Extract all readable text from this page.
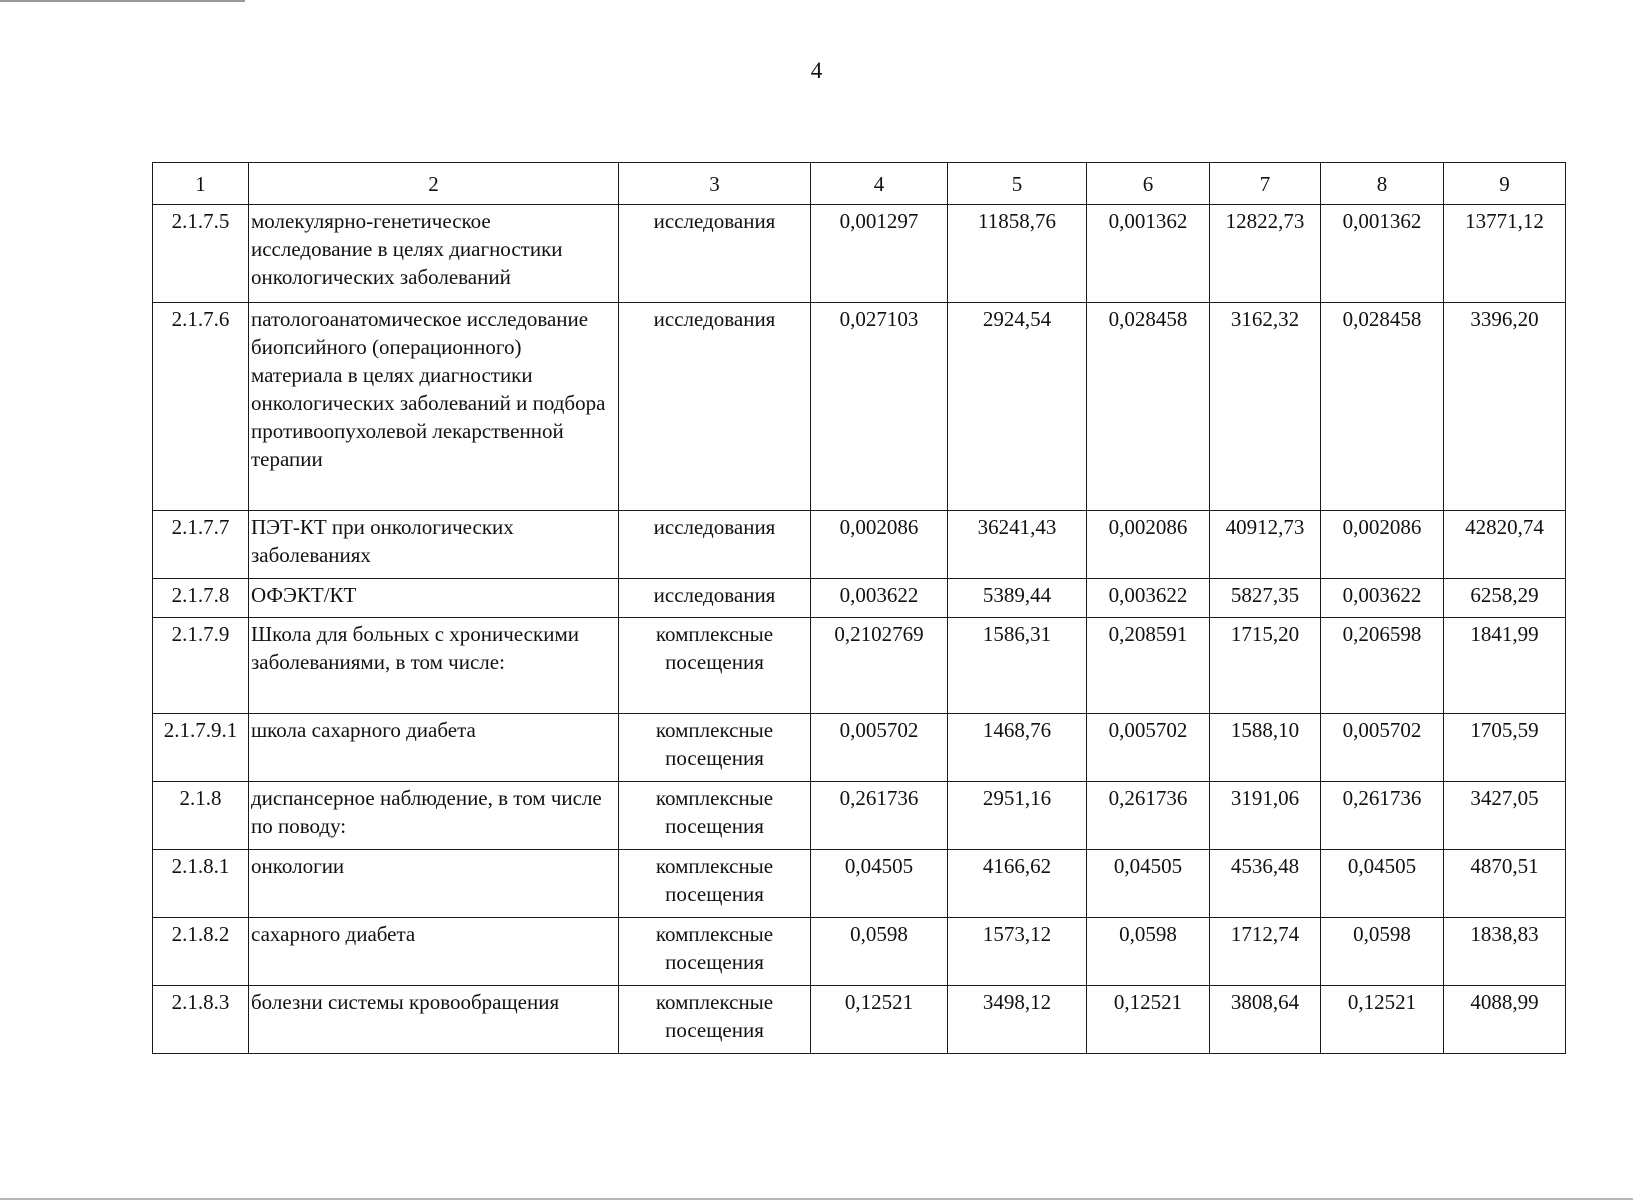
4
1	2	3	4	5	6	7	8	9
2.1.7.5	молекулярно-генетическое исследование в целях диагностики онкологических заболеваний	исследования	0,001297	11858,76	0,001362	12822,73	0,001362	13771,12
2.1.7.6	патологоанатомическое исследование биопсийного (операционного) материала в целях диагностики онкологических заболеваний и подбора противоопухолевой лекарственной терапии	исследования	0,027103	2924,54	0,028458	3162,32	0,028458	3396,20
2.1.7.7	ПЭТ-КТ при онкологических заболеваниях	исследования	0,002086	36241,43	0,002086	40912,73	0,002086	42820,74
2.1.7.8	ОФЭКТ/КТ	исследования	0,003622	5389,44	0,003622	5827,35	0,003622	6258,29
2.1.7.9	Школа для больных с хроническими заболеваниями, в том числе:	комплексные посещения	0,2102769	1586,31	0,208591	1715,20	0,206598	1841,99
2.1.7.9.1	школа сахарного диабета	комплексные посещения	0,005702	1468,76	0,005702	1588,10	0,005702	1705,59
2.1.8	диспансерное наблюдение, в том числе по поводу:	комплексные посещения	0,261736	2951,16	0,261736	3191,06	0,261736	3427,05
2.1.8.1	онкологии	комплексные посещения	0,04505	4166,62	0,04505	4536,48	0,04505	4870,51
2.1.8.2	сахарного диабета	комплексные посещения	0,0598	1573,12	0,0598	1712,74	0,0598	1838,83
2.1.8.3	болезни системы кровообращения	комплексные посещения	0,12521	3498,12	0,12521	3808,64	0,12521	4088,99
